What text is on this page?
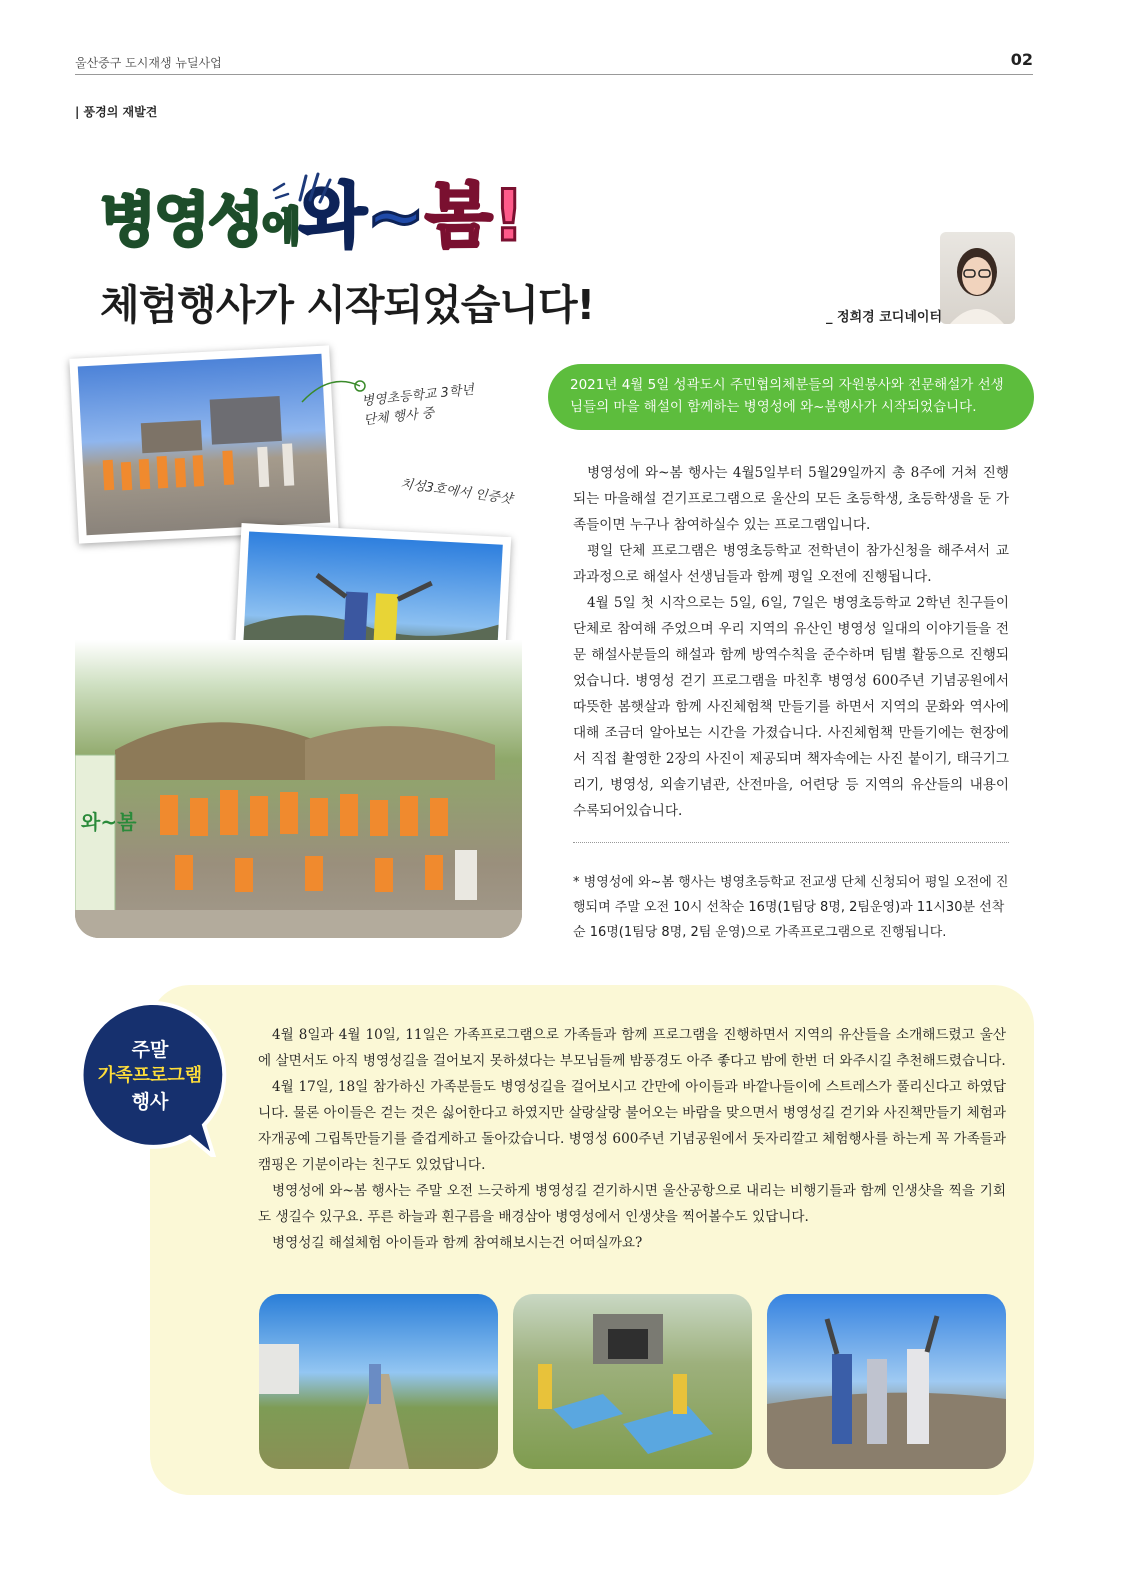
울산중구 도시재생 뉴딜사업	02
| 풍경의 재발견
병영성에와~봄!
체험행사가 시작되었습니다!	_ 정희경 코디네이터
병영초등학교 3학년
단체 행사 중
치성3호에서 인증샷
와~봄
2021년 4월 5일 성곽도시 주민협의체분들의 자원봉사와 전문해설가 선생님들의 마을 해설이 함께하는 병영성에 와~봄행사가 시작되었습니다.

병영성에 와~봄 행사는 4월5일부터 5월29일까지 총 8주에 거쳐 진행되는 마을해설 걷기프로그램으로 울산의 모든 초등학생, 초등학생을 둔 가족들이면 누구나 참여하실수 있는 프로그램입니다.

평일 단체 프로그램은 병영초등학교 전학년이 참가신청을 해주셔서 교과과정으로 해설사 선생님들과 함께 평일 오전에 진행됩니다.

4월 5일 첫 시작으로는 5일, 6일, 7일은 병영초등학교 2학년 친구들이 단체로 참여해 주었으며 우리 지역의 유산인 병영성 일대의 이야기들을 전문 해설사분들의 해설과 함께 방역수칙을 준수하며 팀별 활동으로 진행되었습니다. 병영성 걷기 프로그램을 마친후 병영성 600주년 기념공원에서 따뜻한 봄햇살과 함께 사진체험책 만들기를 하면서 지역의 문화와 역사에 대해 조금더 알아보는 시간을 가졌습니다. 사진체험책 만들기에는 현장에서 직접 촬영한 2장의 사진이 제공되며 책자속에는 사진 붙이기, 태극기그리기, 병영성, 외솔기념관, 산전마을, 어련당 등 지역의 유산들의 내용이 수록되어있습니다.

* 병영성에 와~봄 행사는 병영초등학교 전교생 단체 신청되어 평일 오전에 진행되며 주말 오전 10시 선착순 16명(1팀당 8명, 2팀운영)과 11시30분 선착순 16명(1팀당 8명, 2팀 운영)으로 가족프로그램으로 진행됩니다.
주말
가족프로그램
행사

4월 8일과 4월 10일, 11일은 가족프로그램으로 가족들과 함께 프로그램을 진행하면서 지역의 유산들을 소개해드렸고 울산에 살면서도 아직 병영성길을 걸어보지 못하셨다는 부모님들께 밤풍경도 아주 좋다고 밤에 한번 더 와주시길 추천해드렸습니다.

4월 17일, 18일 참가하신 가족분들도 병영성길을 걸어보시고 간만에 아이들과 바깥나들이에 스트레스가 풀리신다고 하였답니다. 물론 아이들은 걷는 것은 싫어한다고 하였지만 살랑살랑 불어오는 바람을 맞으면서 병영성길 걷기와 사진책만들기 체험과 자개공예 그립톡만들기를 즐겁게하고 돌아갔습니다. 병영성 600주년 기념공원에서 돗자리깔고 체험행사를 하는게 꼭 가족들과 캠핑온 기분이라는 친구도 있었답니다.

병영성에 와~봄 행사는 주말 오전 느긋하게 병영성길 걷기하시면 울산공항으로 내리는 비행기들과 함께 인생샷을 찍을 기회도 생길수 있구요. 푸른 하늘과 흰구름을 배경삼아 병영성에서 인생샷을 찍어볼수도 있답니다.

병영성길 해설체험 아이들과 함께 참여해보시는건 어떠실까요?
